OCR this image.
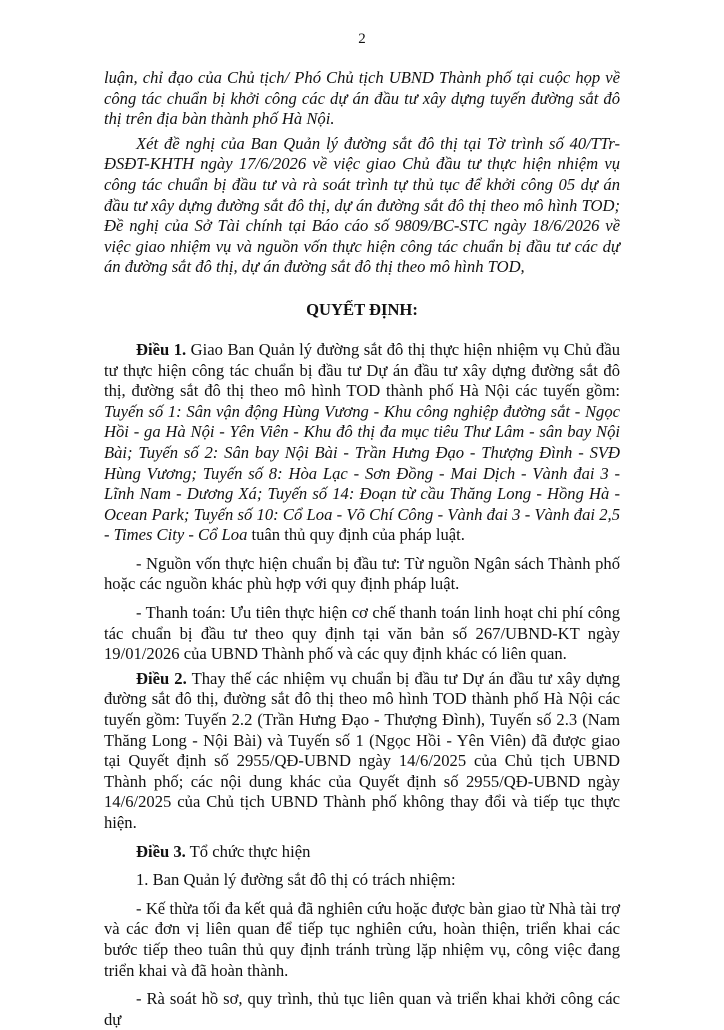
2

luận, chỉ đạo của Chủ tịch/ Phó Chủ tịch UBND Thành phố tại cuộc họp về công tác chuẩn bị khởi công các dự án đầu tư xây dựng tuyến đường sắt đô thị trên địa bàn thành phố Hà Nội.

Xét đề nghị của Ban Quản lý đường sắt đô thị tại Tờ trình số 40/TTr-ĐSĐT-KHTH ngày 17/6/2026 về việc giao Chủ đầu tư thực hiện nhiệm vụ công tác chuẩn bị đầu tư và rà soát trình tự thủ tục để khởi công 05 dự án đầu tư xây dựng đường sắt đô thị, dự án đường sắt đô thị theo mô hình TOD; Đề nghị của Sở Tài chính tại Báo cáo số 9809/BC-STC ngày 18/6/2026 về việc giao nhiệm vụ và nguồn vốn thực hiện công tác chuẩn bị đầu tư các dự án đường sắt đô thị, dự án đường sắt đô thị theo mô hình TOD,

QUYẾT ĐỊNH:

Điều 1. Giao Ban Quản lý đường sắt đô thị thực hiện nhiệm vụ Chủ đầu tư thực hiện công tác chuẩn bị đầu tư Dự án đầu tư xây dựng đường sắt đô thị, đường sắt đô thị theo mô hình TOD thành phố Hà Nội các tuyến gồm: Tuyến số 1: Sân vận động Hùng Vương - Khu công nghiệp đường sắt - Ngọc Hồi - ga Hà Nội - Yên Viên - Khu đô thị đa mục tiêu Thư Lâm - sân bay Nội Bài; Tuyến số 2: Sân bay Nội Bài - Trần Hưng Đạo - Thượng Đình - SVĐ Hùng Vương; Tuyến số 8: Hòa Lạc - Sơn Đồng - Mai Dịch - Vành đai 3 - Lĩnh Nam - Dương Xá; Tuyến số 14: Đoạn từ cầu Thăng Long - Hồng Hà - Ocean Park; Tuyến số 10: Cổ Loa - Võ Chí Công - Vành đai 3 - Vành đai 2,5 - Times City - Cổ Loa tuân thủ quy định của pháp luật.

- Nguồn vốn thực hiện chuẩn bị đầu tư: Từ nguồn Ngân sách Thành phố hoặc các nguồn khác phù hợp với quy định pháp luật.

- Thanh toán: Ưu tiên thực hiện cơ chế thanh toán linh hoạt chi phí công tác chuẩn bị đầu tư theo quy định tại văn bản số 267/UBND-KT ngày 19/01/2026 của UBND Thành phố và các quy định khác có liên quan.

Điều 2. Thay thế các nhiệm vụ chuẩn bị đầu tư Dự án đầu tư xây dựng đường sắt đô thị, đường sắt đô thị theo mô hình TOD thành phố Hà Nội các tuyến gồm: Tuyến 2.2 (Trần Hưng Đạo - Thượng Đình), Tuyến số 2.3 (Nam Thăng Long - Nội Bài) và Tuyến số 1 (Ngọc Hồi - Yên Viên) đã được giao tại Quyết định số 2955/QĐ-UBND ngày 14/6/2025 của Chủ tịch UBND Thành phố; các nội dung khác của Quyết định số 2955/QĐ-UBND ngày 14/6/2025 của Chủ tịch UBND Thành phố không thay đổi và tiếp tục thực hiện.

Điều 3. Tổ chức thực hiện

1. Ban Quản lý đường sắt đô thị có trách nhiệm:

- Kế thừa tối đa kết quả đã nghiên cứu hoặc được bàn giao từ Nhà tài trợ và các đơn vị liên quan để tiếp tục nghiên cứu, hoàn thiện, triển khai các bước tiếp theo tuân thủ quy định tránh trùng lặp nhiệm vụ, công việc đang triển khai và đã hoàn thành.

- Rà soát hồ sơ, quy trình, thủ tục liên quan và triển khai khởi công các dự
